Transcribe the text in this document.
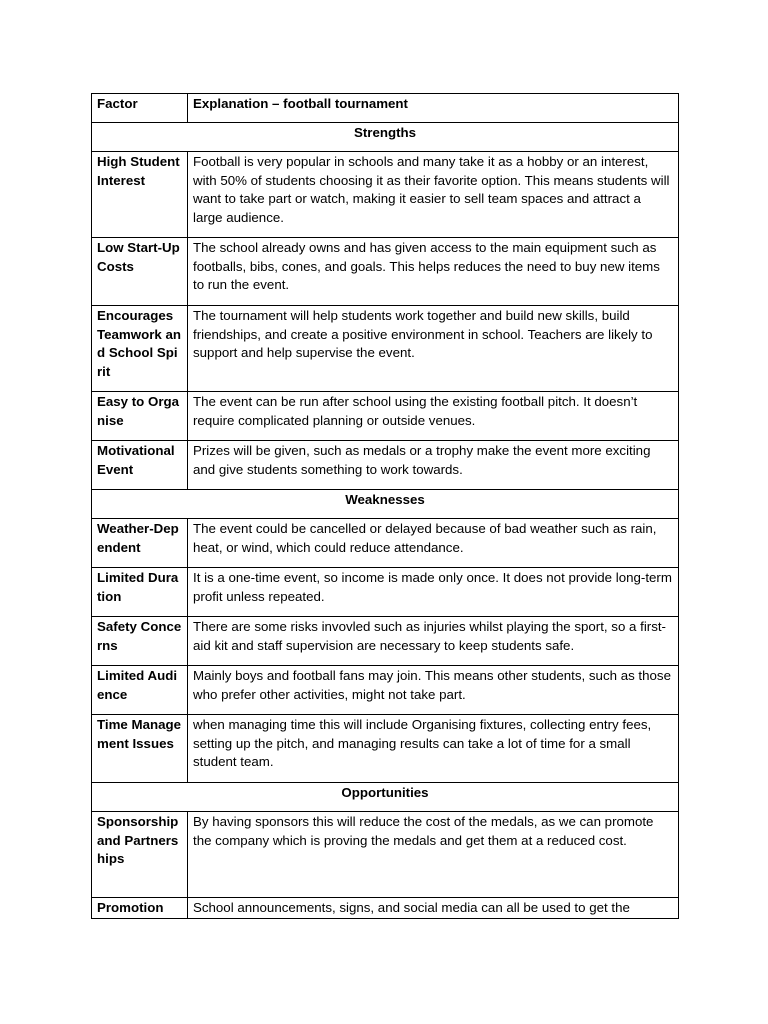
Factor	Explanation – football tournament
Strengths	
High Student Interest	Football is very popular in schools and many take it as a hobby or an interest, with 50% of students choosing it as their favorite option. This means students will want to take part or watch, making it easier to sell team spaces and attract a large audience.
Low Start-Up Costs	The school already owns and has given access to the main equipment such as footballs, bibs, cones, and goals. This helps reduces the need to buy new items to run the event.
Encourages Teamwork and School Spirit	The tournament will help students work together and build new skills, build friendships, and create a positive environment in school. Teachers are likely to support and help supervise the event.
Easy to Organise	The event can be run after school using the existing football pitch. It doesn’t require complicated planning or outside venues.
Motivational Event	Prizes will be given, such as medals or a trophy make the event more exciting and give students something to work towards.
Weaknesses	
Weather-Dependent	The event could be cancelled or delayed because of bad weather such as rain, heat, or wind, which could reduce attendance.
Limited Duration	It is a one-time event, so income is made only once. It does not provide long-term profit unless repeated.
Safety Concerns	There are some risks invovled such as injuries whilst playing the sport, so a first-aid kit and staff supervision are necessary to keep students safe.
Limited Audience	Mainly boys and football fans may join. This means other students, such as those who prefer other activities, might not take part.
Time Management Issues	when managing time this will include Organising fixtures, collecting entry fees, setting up the pitch, and managing results can take a lot of time for a small student team.
Opportunities	
Sponsorship and Partnerships	By having sponsors this will reduce the cost of the medals, as we can promote the company which is proving the medals and get them at a reduced cost.
Promotion	School announcements, signs, and social media can all be used to get the
